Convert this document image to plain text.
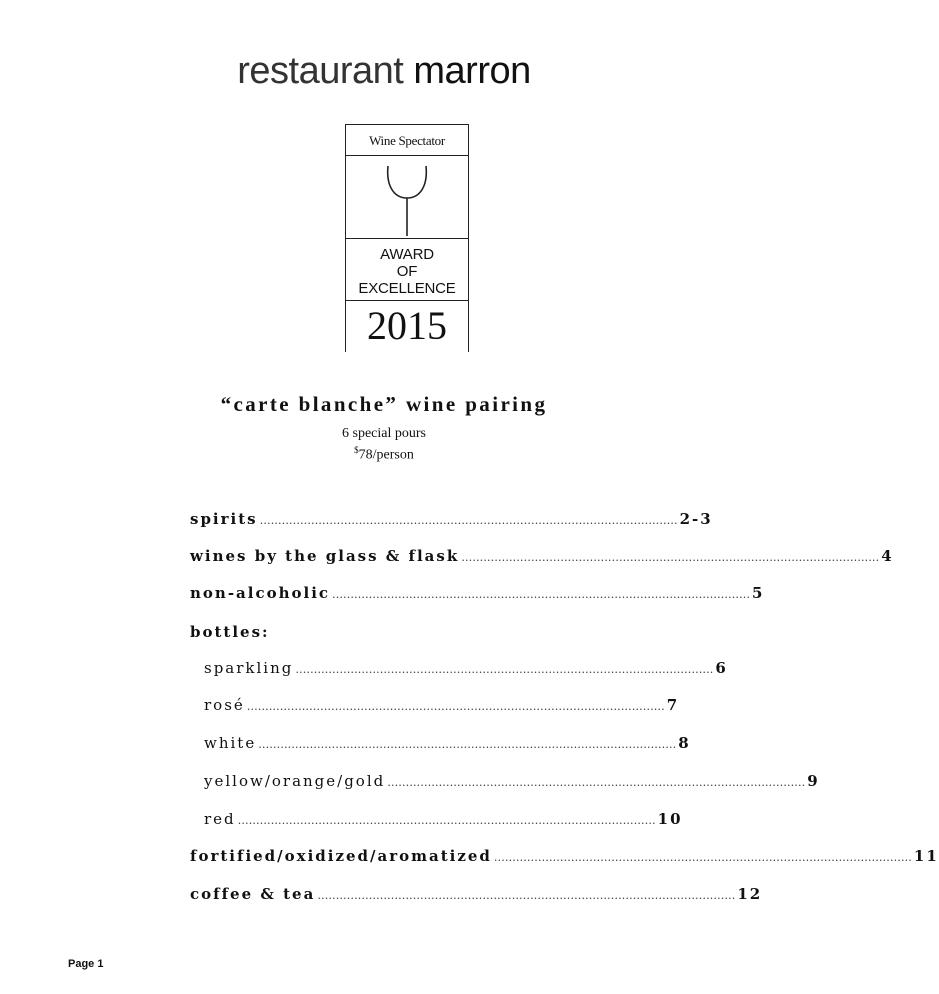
restaurant marron
Wine Spectator
AWARD
OF
EXCELLENCE
2015
“carte blanche” wine pairing
6 special pours
$78/person
spirits …………………………………………………………………………………………………… 2-3
wines by the glass & flask …………………………………………………………………………………………………… 4
non-alcoholic …………………………………………………………………………………………………… 5
bottles:
sparkling …………………………………………………………………………………………………… 6
rosé …………………………………………………………………………………………………… 7
white …………………………………………………………………………………………………… 8
yellow/orange/gold …………………………………………………………………………………………………… 9
red …………………………………………………………………………………………………… 10
fortified/oxidized/aromatized …………………………………………………………………………………………………… 11
coffee & tea …………………………………………………………………………………………………… 12
Page 1
